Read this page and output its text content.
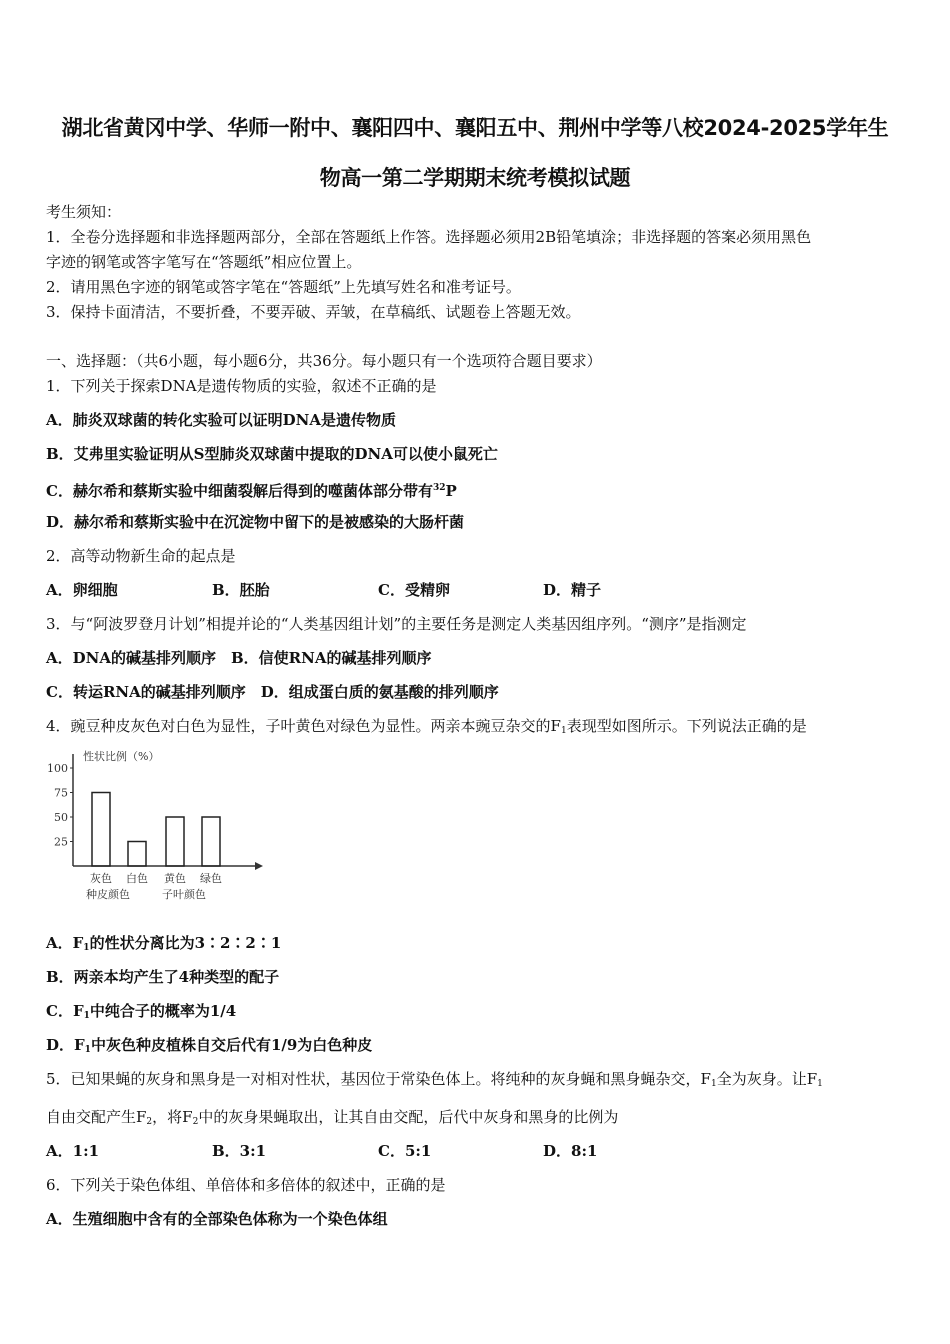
湖北省黄冈中学、华师一附中、襄阳四中、襄阳五中、荆州中学等八校2024-2025学年生
物高一第二学期期末统考模拟试题
考生须知：
1．全卷分选择题和非选择题两部分，全部在答题纸上作答。选择题必须用2B铅笔填涂；非选择题的答案必须用黑色
字迹的钢笔或答字笔写在“答题纸”相应位置上。
2．请用黑色字迹的钢笔或答字笔在“答题纸”上先填写姓名和准考证号。
3．保持卡面清洁，不要折叠，不要弄破、弄皱，在草稿纸、试题卷上答题无效。
一、选择题：（共6小题，每小题6分，共36分。每小题只有一个选项符合题目要求）
1．下列关于探索DNA是遗传物质的实验，叙述不正确的是
A．肺炎双球菌的转化实验可以证明DNA是遗传物质
B．艾弗里实验证明从S型肺炎双球菌中提取的DNA可以使小鼠死亡
C．赫尔希和蔡斯实验中细菌裂解后得到的噬菌体部分带有$^{32}$P
D．赫尔希和蔡斯实验中在沉淀物中留下的是被感染的大肠杆菌
2．高等动物新生命的起点是
A．卵细胞	B．胚胎	C．受精卵	D．精子
3．与“阿波罗登月计划”相提并论的“人类基因组计划”的主要任务是测定人类基因组序列。“测序”是指测定
A．DNA的碱基排列顺序　B．信使RNA的碱基排列顺序
C．转运RNA的碱基排列顺序　D．组成蛋白质的氨基酸的排列顺序
4．豌豆种皮灰色对白色为显性，子叶黄色对绿色为显性。两亲本豌豆杂交的$F_1$表现型如图所示。下列说法正确的是
性状比例（%）
100
75
50
25
灰色 白色 黄色 绿色
种皮颜色	子叶颜色
A．$F_1$的性状分离比为3∶2∶2∶1
B．两亲本均产生了4种类型的配子
C．$F_1$中纯合子的概率为1/4
D．$F_1$中灰色种皮植株自交后代有1/9为白色种皮
5．已知果蝇的灰身和黑身是一对相对性状，基因位于常染色体上。将纯种的灰身蝇和黑身蝇杂交，$F_1$全为灰身。让$F_1$
自由交配产生$F_2$，将$F_2$中的灰身果蝇取出，让其自由交配，后代中灰身和黑身的比例为
A．1:1	B．3:1	C．5:1	D．8:1
6．下列关于染色体组、单倍体和多倍体的叙述中，正确的是
A．生殖细胞中含有的全部染色体称为一个染色体组
